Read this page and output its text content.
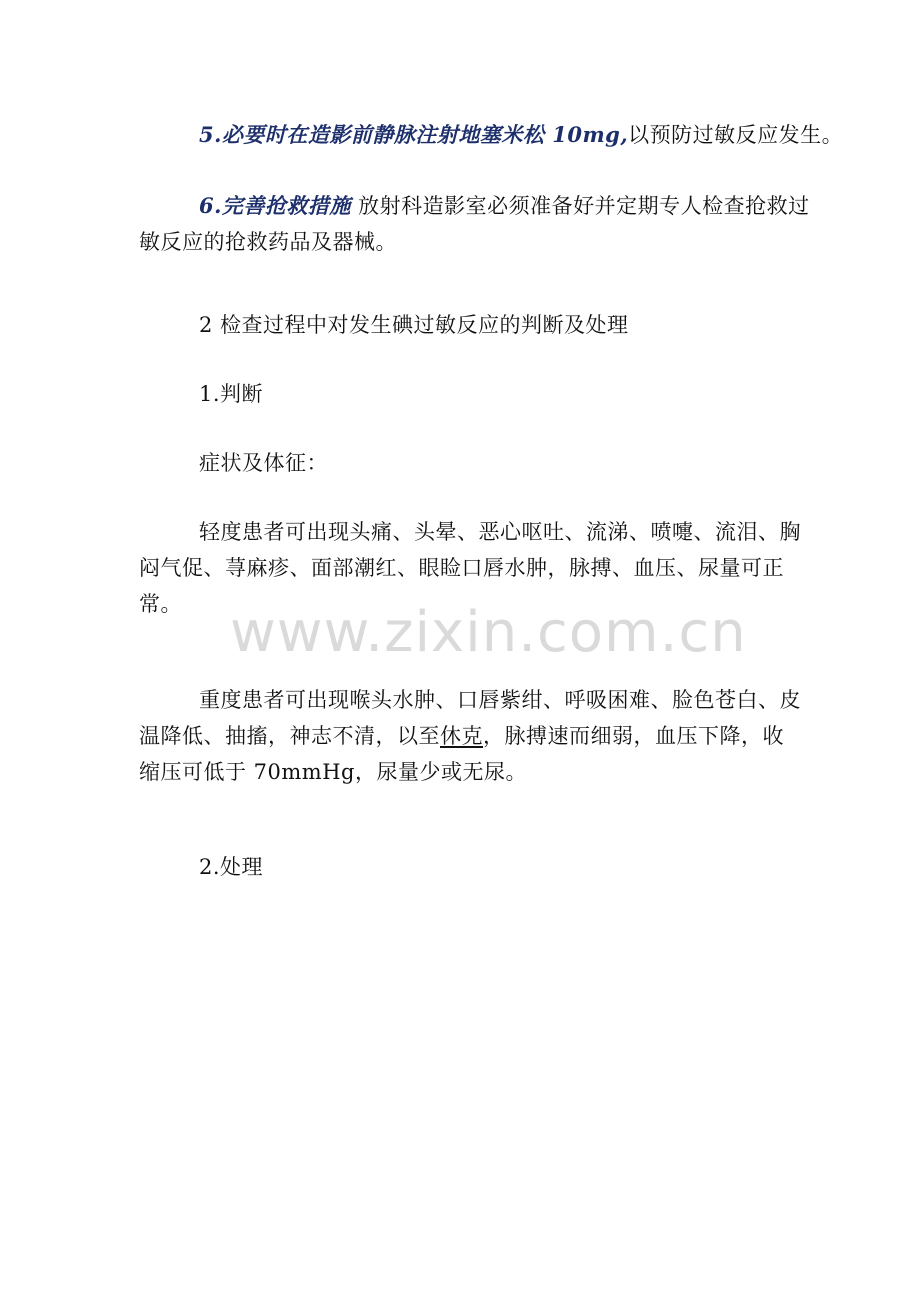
5.必要时在造影前静脉注射地塞米松 10mg,以预防过敏反应发生。
6.完善抢救措施 放射科造影室必须准备好并定期专人检查抢救过
敏反应的抢救药品及器械。
2 检查过程中对发生碘过敏反应的判断及处理
1.判断
症状及体征：
轻度患者可出现头痛、头晕、恶心呕吐、流涕、喷嚏、流泪、胸
闷气促、荨麻疹、面部潮红、眼睑口唇水肿，脉搏、血压、尿量可正
常。 www.zixin.com.cn
重度患者可出现喉头水肿、口唇紫绀、呼吸困难、脸色苍白、皮
温降低、抽搐，神志不清，以至休克，脉搏速而细弱，血压下降，收
缩压可低于 70mmHg，尿量少或无尿。
2.处理
